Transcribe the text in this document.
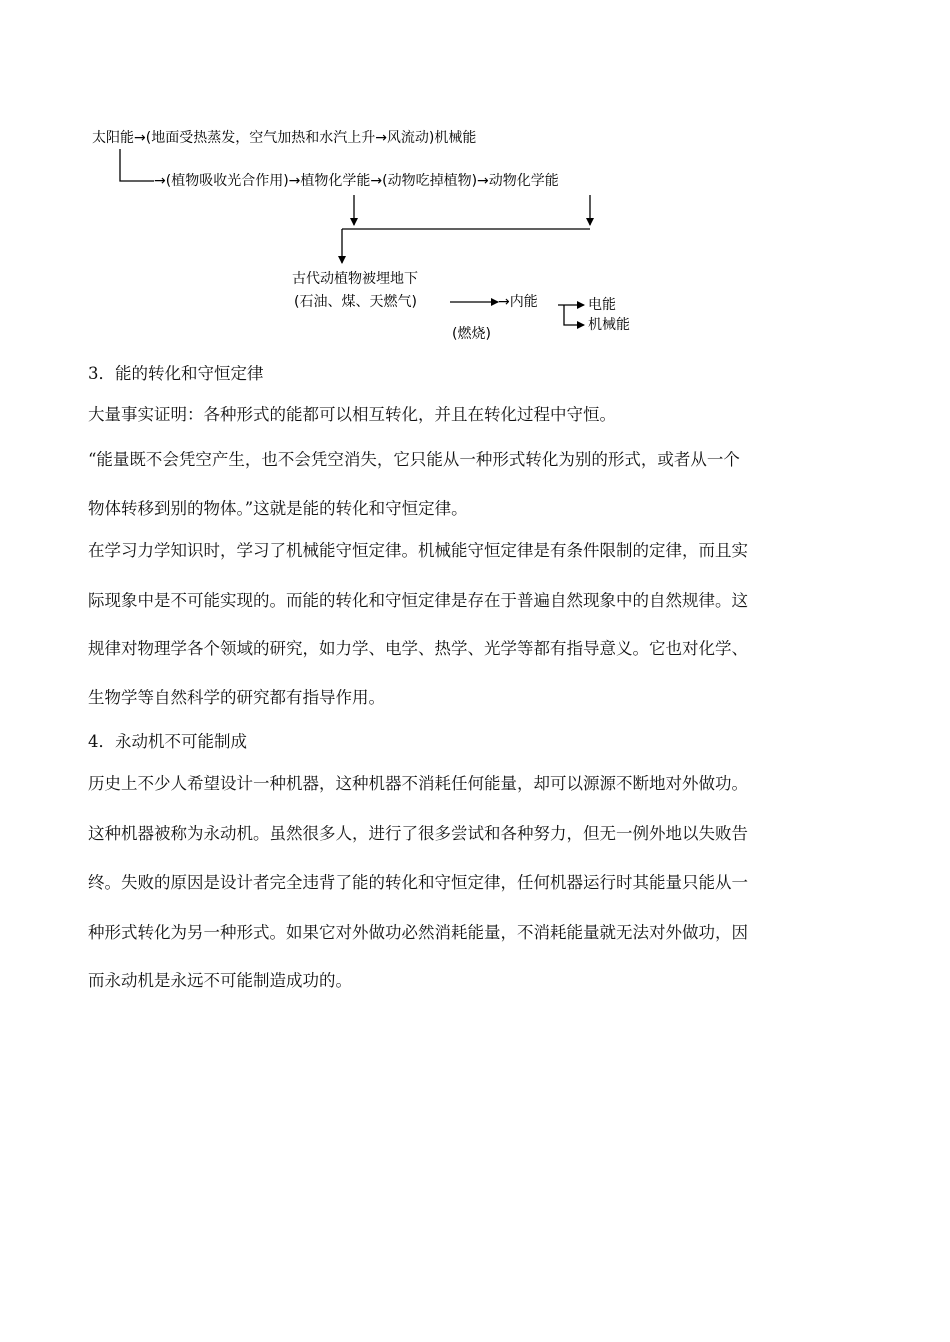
太阳能→(地面受热蒸发，空气加热和水汽上升→风流动)机械能
→(植物吸收光合作用)→植物化学能→(动物吃掉植物)→动物化学能
古代动植物被埋地下
(石油、煤、天燃气)	→内能
(燃烧)
电能
机械能
3．能的转化和守恒定律
大量事实证明：各种形式的能都可以相互转化，并且在转化过程中守恒。
“能量既不会凭空产生，也不会凭空消失，它只能从一种形式转化为别的形式，或者从一个
物体转移到别的物体。”这就是能的转化和守恒定律。
在学习力学知识时，学习了机械能守恒定律。机械能守恒定律是有条件限制的定律，而且实
际现象中是不可能实现的。而能的转化和守恒定律是存在于普遍自然现象中的自然规律。这
规律对物理学各个领域的研究，如力学、电学、热学、光学等都有指导意义。它也对化学、
生物学等自然科学的研究都有指导作用。
4．永动机不可能制成
历史上不少人希望设计一种机器，这种机器不消耗任何能量，却可以源源不断地对外做功。
这种机器被称为永动机。虽然很多人，进行了很多尝试和各种努力，但无一例外地以失败告
终。失败的原因是设计者完全违背了能的转化和守恒定律，任何机器运行时其能量只能从一
种形式转化为另一种形式。如果它对外做功必然消耗能量，不消耗能量就无法对外做功，因
而永动机是永远不可能制造成功的。
